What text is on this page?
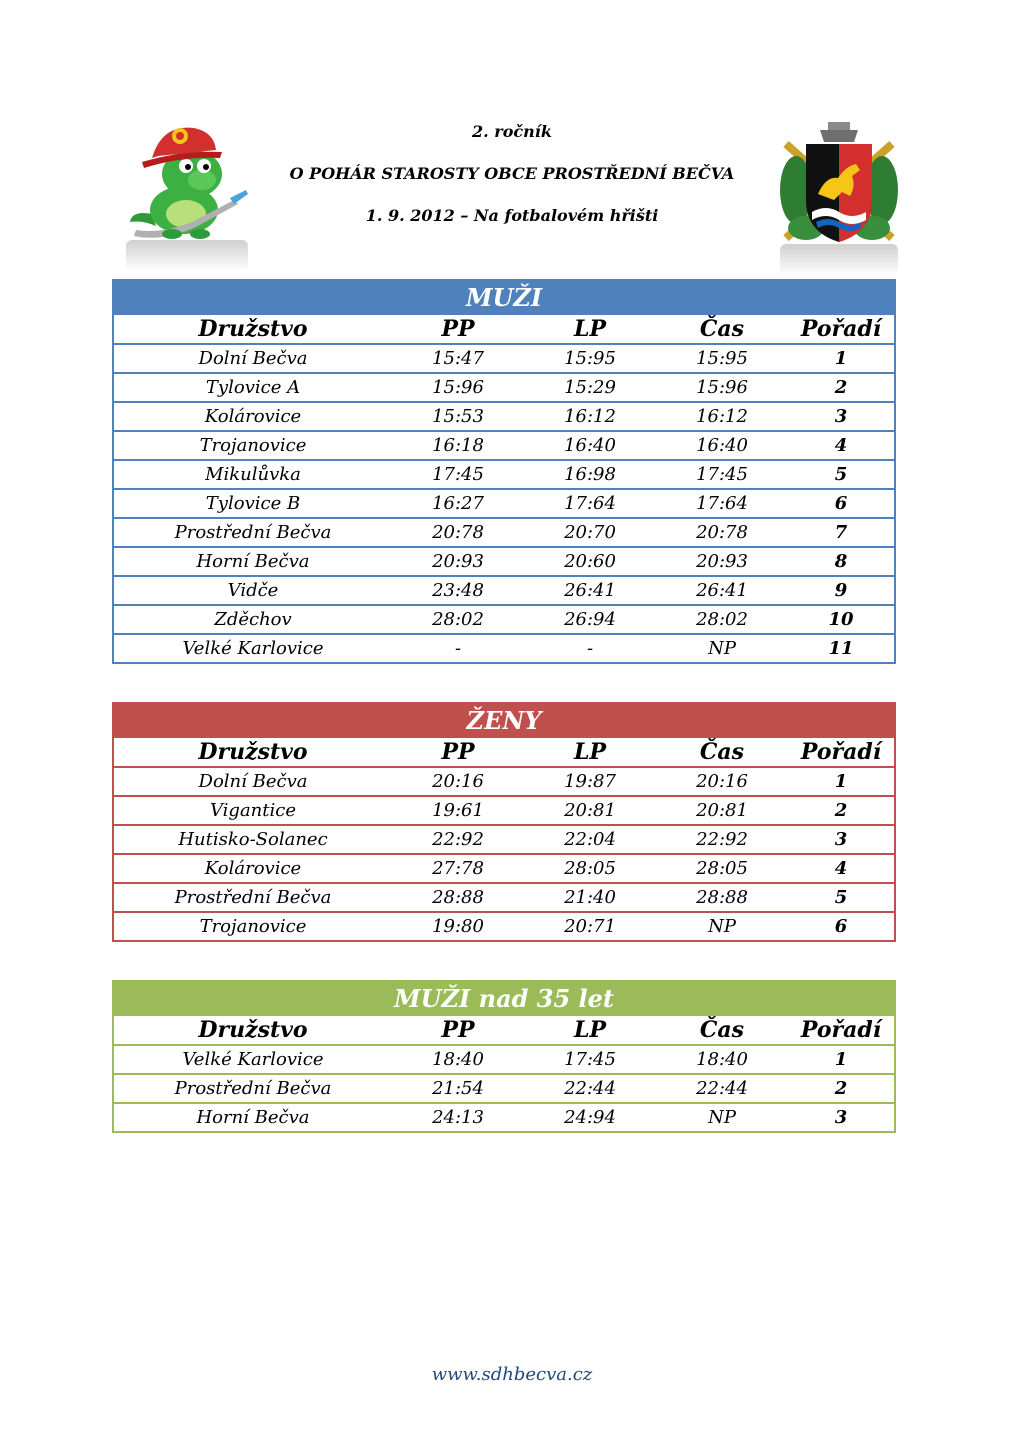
2. ročník
O POHÁR STAROSTY OBCE PROSTŘEDNÍ BEČVA
1. 9. 2012 – Na fotbalovém hřišti
MUŽI
Družstvo	PP	LP	Čas	Pořadí
Dolní Bečva	15:47	15:95	15:95	1
Tylovice A	15:96	15:29	15:96	2
Kolárovice	15:53	16:12	16:12	3
Trojanovice	16:18	16:40	16:40	4
Mikulůvka	17:45	16:98	17:45	5
Tylovice B	16:27	17:64	17:64	6
Prostřední Bečva	20:78	20:70	20:78	7
Horní Bečva	20:93	20:60	20:93	8
Vidče	23:48	26:41	26:41	9
Zděchov	28:02	26:94	28:02	10
Velké Karlovice	-	-	NP	11
ŽENY
Družstvo	PP	LP	Čas	Pořadí
Dolní Bečva	20:16	19:87	20:16	1
Vigantice	19:61	20:81	20:81	2
Hutisko-Solanec	22:92	22:04	22:92	3
Kolárovice	27:78	28:05	28:05	4
Prostřední Bečva	28:88	21:40	28:88	5
Trojanovice	19:80	20:71	NP	6
MUŽI nad 35 let
Družstvo	PP	LP	Čas	Pořadí
Velké Karlovice	18:40	17:45	18:40	1
Prostřední Bečva	21:54	22:44	22:44	2
Horní Bečva	24:13	24:94	NP	3
www.sdhbecva.cz
